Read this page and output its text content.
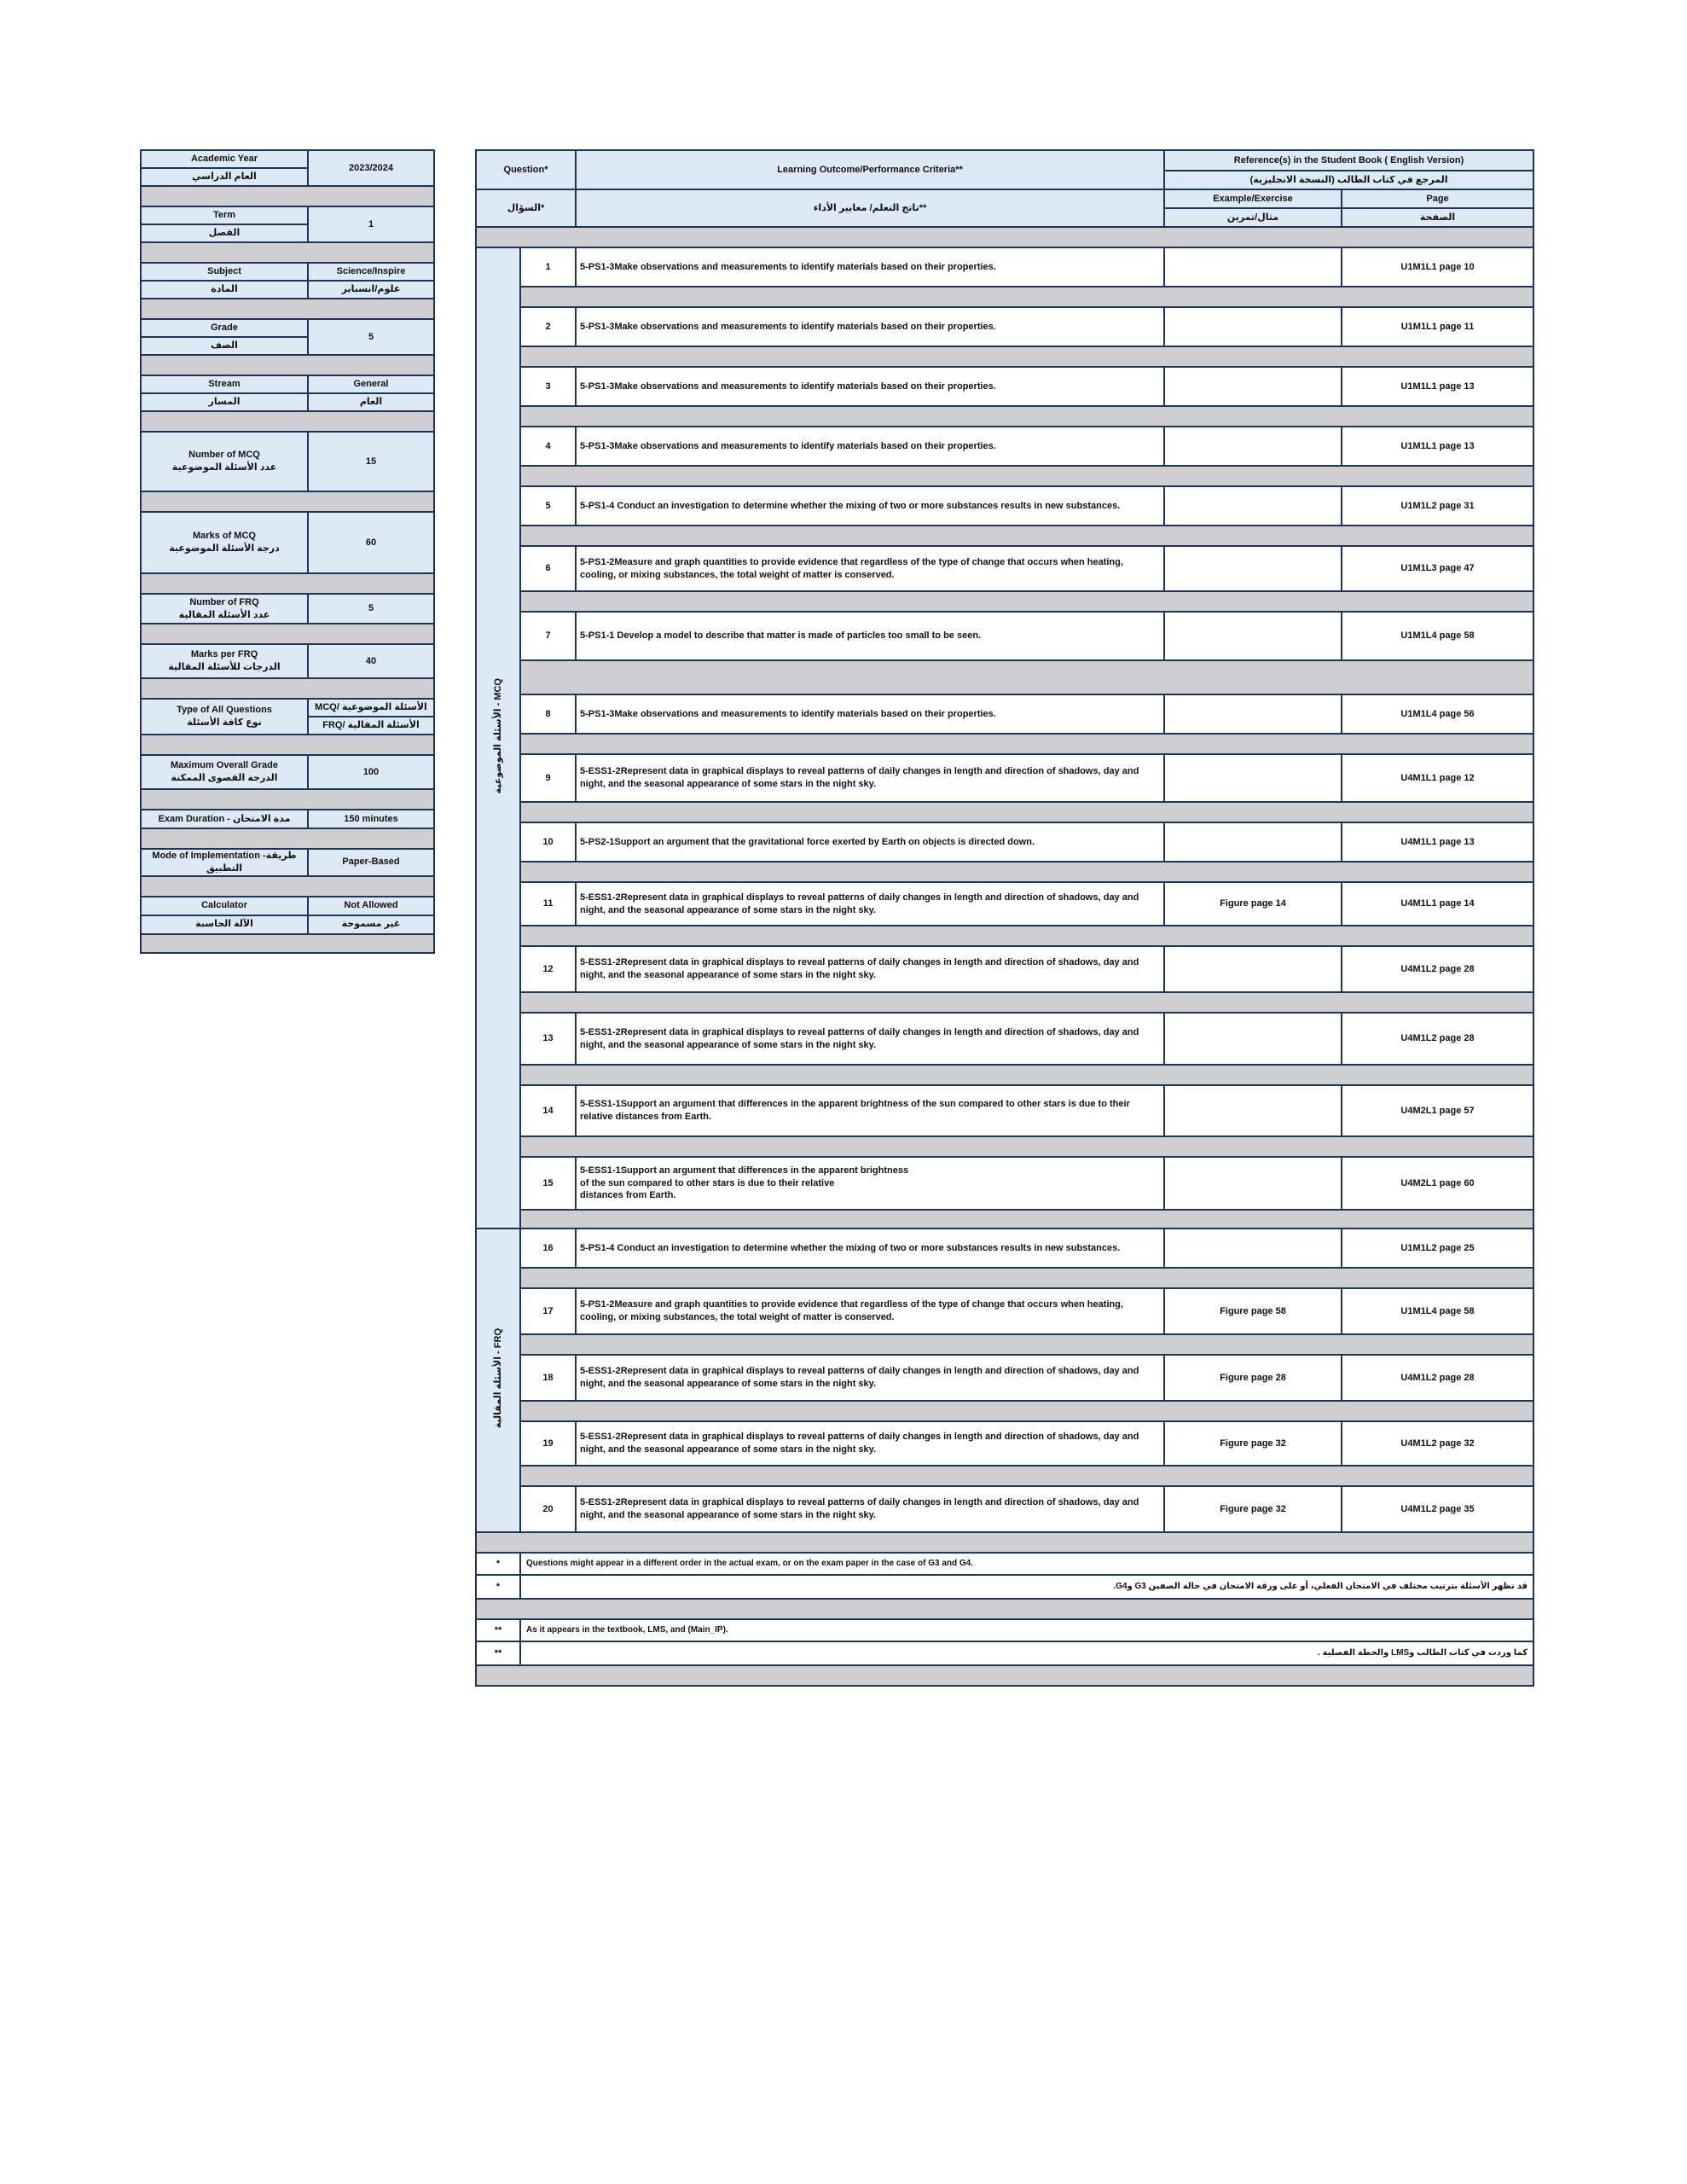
Academic Year	2023/2024
العام الدراسي	

Term	1
الفصل	

Subject	Science/Inspire
المادة	علوم/انسباير

Grade	5
الصف	

Stream	General
المسار	العام

Number of MCQ
عدد الأسئلة الموضوعية	15

Marks of MCQ
درجة الأسئلة الموضوعية	60

Number of FRQ
عدد الأسئلة المقالية	5

Marks per FRQ
الدرجات للأسئلة المقالية	40

Type of All Questions
نوع كافة الأسئلة	الأسئلة الموضوعية /MCQ
	الأسئلة المقالية /FRQ

Maximum Overall Grade
الدرجة القصوى الممكنة	100

Exam Duration - مدة الامتحان	150 minutes

Mode of Implementation -طريقة التطبيق	Paper-Based

Calculator	Not Allowed
الآلة الحاسبة	غير مسموحة

Question*		Learning Outcome/Performance Criteria**	Reference(s) in the Student Book ( English Version)	
			المرجع في كتاب الطالب (النسخة الانجليزية)	
السؤال*		ناتج التعلم/ معايير الأداء**	Example/Exercise	Page
			مثال/تمرين	الصفحة

الأسئلة الموضوعية - MCQ	1	5-PS1-3Make observations and measurements to identify materials based on their properties.		U1M1L1 page 10

	2	5-PS1-3Make observations and measurements to identify materials based on their properties.		U1M1L1 page 11

	3	5-PS1-3Make observations and measurements to identify materials based on their properties.		U1M1L1 page 13

	4	5-PS1-3Make observations and measurements to identify materials based on their properties.		U1M1L1 page 13

	5	5-PS1-4 Conduct an investigation to determine whether the mixing of two or more substances results in new substances.		U1M1L2 page 31

	6	5-PS1-2Measure and graph quantities to provide evidence that regardless of the type of change that occurs when heating, cooling, or mixing substances, the total weight of matter is conserved.		U1M1L3 page 47

	7	5-PS1-1 Develop a model to describe that matter is made of particles too small to be seen.		U1M1L4 page 58

	8	5-PS1-3Make observations and measurements to identify materials based on their properties.		U1M1L4 page 56

	9	5-ESS1-2Represent data in graphical displays to reveal patterns of daily changes in length and direction of shadows, day and night, and the seasonal appearance of some stars in the night sky.		U4M1L1 page 12

	10	5-PS2-1Support an argument that the gravitational force exerted by Earth on objects is directed down.		U4M1L1 page 13

	11	5-ESS1-2Represent data in graphical displays to reveal patterns of daily changes in length and direction of shadows, day and night, and the seasonal appearance of some stars in the night sky.	Figure page 14	U4M1L1 page 14

	12	5-ESS1-2Represent data in graphical displays to reveal patterns of daily changes in length and direction of shadows, day and night, and the seasonal appearance of some stars in the night sky.		U4M1L2 page 28

	13	5-ESS1-2Represent data in graphical displays to reveal patterns of daily changes in length and direction of shadows, day and night, and the seasonal appearance of some stars in the night sky.		U4M1L2 page 28

	14	5-ESS1-1Support an argument that differences in the apparent brightness of the sun compared to other stars is due to their relative distances from Earth.		U4M2L1 page 57

	15	5-ESS1-1Support an argument that differences in the apparent brightness
of the sun compared to other stars is due to their relative
distances from Earth.		U4M2L1 page 60

الأسئلة المقالية - FRQ	16	5-PS1-4 Conduct an investigation to determine whether the mixing of two or more substances results in new substances.		U1M1L2 page 25

	17	5-PS1-2Measure and graph quantities to provide evidence that regardless of the type of change that occurs when heating, cooling, or mixing substances, the total weight of matter is conserved.	Figure page 58	U1M1L4 page 58

	18	5-ESS1-2Represent data in graphical displays to reveal patterns of daily changes in length and direction of shadows, day and night, and the seasonal appearance of some stars in the night sky.	Figure page 28	U4M1L2 page 28

	19	5-ESS1-2Represent data in graphical displays to reveal patterns of daily changes in length and direction of shadows, day and night, and the seasonal appearance of some stars in the night sky.	Figure page 32	U4M1L2 page 32

	20	5-ESS1-2Represent data in graphical displays to reveal patterns of daily changes in length and direction of shadows, day and night, and the seasonal appearance of some stars in the night sky.	Figure page 32	U4M1L2 page 35

*	Questions might appear in a different order in the actual exam, or on the exam paper in the case of G3 and G4.			
*	قد تظهر الأسئلة بترتيب مختلف في الامتحان الفعلي، أو على ورقة الامتحان في حالة الصفين G3 وG4.			

**	As it appears in the textbook, LMS, and (Main_IP).			
**	كما وردت في كتاب الطالب وLMS والخطة الفصلية .			
